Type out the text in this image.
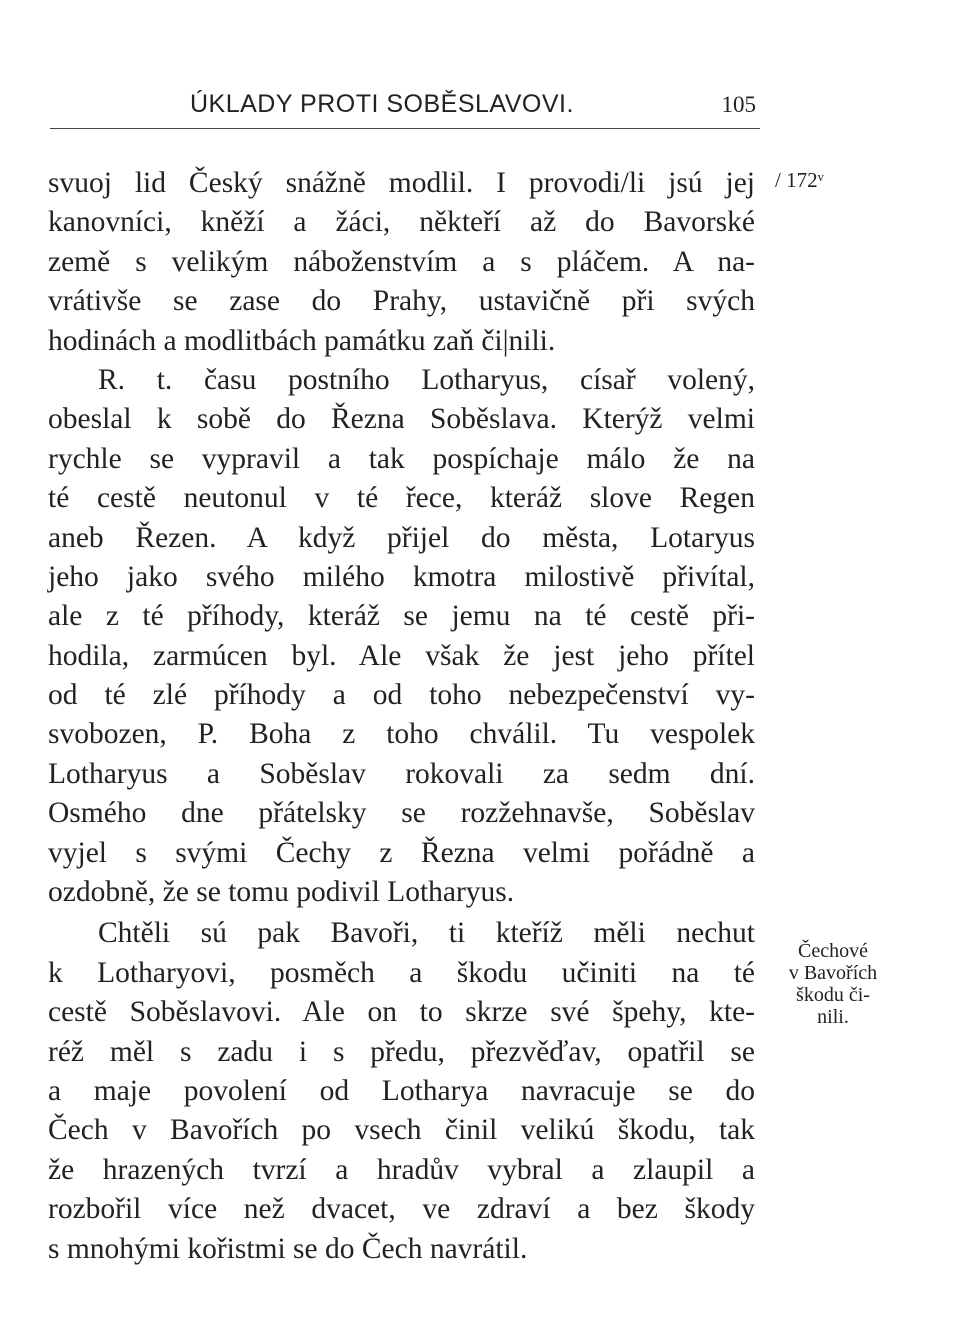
ÚKLADY PROTI SOBĚSLAVOVI.	105
/ 172ᵛ
Čechové
v Bavořích
škodu či-
nili.
svuoj lid Český snážně modlil. I provodi/li jsú jej
kanovníci, kněží a žáci, někteří až do Bavorské
země s velikým náboženstvím a s pláčem. A na-
vrátivše se zase do Prahy, ustavičně při svých
hodinách a modlitbách památku zaň či|nili.
R. t. času postního Lotharyus, císař volený,
obeslal k sobě do Řezna Soběslava. Kterýž velmi
rychle se vypravil a tak pospíchaje málo že na
té cestě neutonul v té řece, kteráž slove Regen
aneb Řezen. A když přijel do města, Lotaryus
jeho jako svého milého kmotra milostivě přivítal,
ale z té příhody, kteráž se jemu na té cestě při-
hodila, zarmúcen byl. Ale však že jest jeho přítel
od té zlé příhody a od toho nebezpečenství vy-
svobozen, P. Boha z toho chválil. Tu vespolek
Lotharyus a Soběslav rokovali za sedm dní.
Osmého dne přátelsky se rozžehnavše, Soběslav
vyjel s svými Čechy z Řezna velmi pořádně a
ozdobně, že se tomu podivil Lotharyus.
Chtěli sú pak Bavoři, ti kteříž měli nechut
k Lotharyovi, posměch a škodu učiniti na té
cestě Soběslavovi. Ale on to skrze své špehy, kte-
réž měl s zadu i s předu, přezvěďav, opatřil se
a maje povolení od Lotharya navracuje se do
Čech v Bavořích po vsech činil velikú škodu, tak
že hrazených tvrzí a hradův vybral a zlaupil a
rozbořil více než dvacet, ve zdraví a bez škody
s mnohými kořistmi se do Čech navrátil.
